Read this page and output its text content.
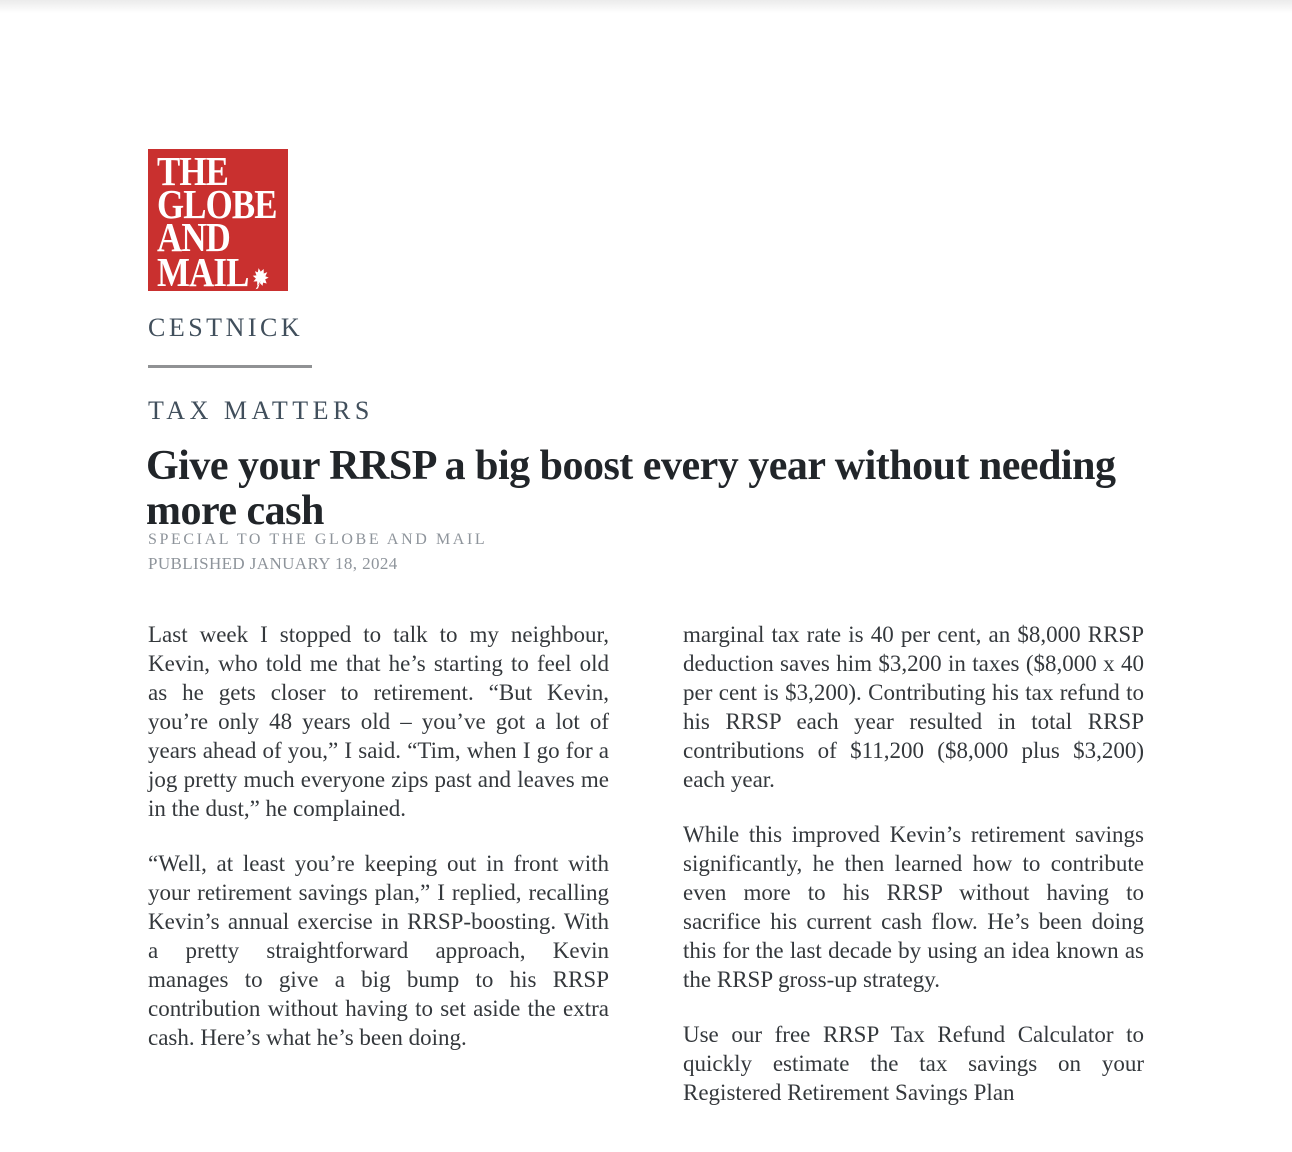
THE
GLOBE
AND
MAIL
CESTNICK
TAX MATTERS
Give your RRSP a big boost every year without needing more cash
SPECIAL TO THE GLOBE AND MAIL
PUBLISHED JANUARY 18, 2024

Last week I stopped to talk to my neighbour, Kevin, who told me that he’s starting to feel old as he gets closer to retirement. “But Kevin, you’re only 48 years old – you’ve got a lot of years ahead of you,” I said. “Tim, when I go for a jog pretty much everyone zips past and leaves me in the dust,” he complained.

“Well, at least you’re keeping out in front with your retirement savings plan,” I replied, recalling Kevin’s annual exercise in RRSP-boosting. With a pretty straightforward approach, Kevin manages to give a big bump to his RRSP contribution without having to set aside the extra cash. Here’s what he’s been doing.

marginal tax rate is 40 per cent, an $8,000 RRSP deduction saves him $3,200 in taxes ($8,000 x 40 per cent is $3,200). Contributing his tax refund to his RRSP each year resulted in total RRSP contributions of $11,200 ($8,000 plus $3,200) each year.

While this improved Kevin’s retirement savings significantly, he then learned how to contribute even more to his RRSP without having to sacrifice his current cash flow. He’s been doing this for the last decade by using an idea known as the RRSP gross-up strategy.

Use our free RRSP Tax Refund Calculator to quickly estimate the tax savings on your Registered Retirement Savings Plan
